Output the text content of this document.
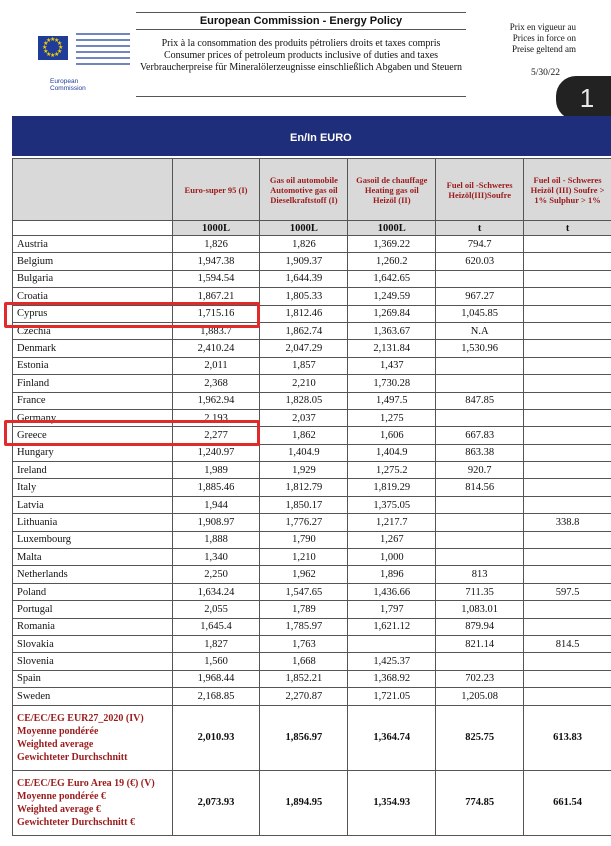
★
★
★
★
★
★
★
★
★
★
★
★
European
Commission
European Commission - Energy Policy
Prix à la consommation des produits pétroliers droits et taxes compris
Consumer prices of petroleum products inclusive of duties and taxes
Verbraucherpreise für Mineralölerzeugnisse einschließlich Abgaben und Steuern
Prix en vigueur au
Prices in force on
Preise geltend am
5/30/22
1
En/In EURO
	Euro-super 95 (I)	Gas oil automobile Automotive gas oil Dieselkraftstoff (I)	Gasoil de chauffage Heating gas oil Heizöl (II)	Fuel oil -Schweres Heizöl(III)Soufre	Fuel oil - Schweres Heizöl (III) Soufre > 1% Sulphur > 1%
	1000L	1000L	1000L	t	t
Austria	1,826	1,826	1,369.22	794.7	
Belgium	1,947.38	1,909.37	1,260.2	620.03	
Bulgaria	1,594.54	1,644.39	1,642.65		
Croatia	1,867.21	1,805.33	1,249.59	967.27	
Cyprus	1,715.16	1,812.46	1,269.84	1,045.85	
Czechia	1,883.7	1,862.74	1,363.67	N.A	
Denmark	2,410.24	2,047.29	2,131.84	1,530.96	
Estonia	2,011	1,857	1,437		
Finland	2,368	2,210	1,730.28		
France	1,962.94	1,828.05	1,497.5	847.85	
Germany	2,193	2,037	1,275		
Greece	2,277	1,862	1,606	667.83	
Hungary	1,240.97	1,404.9	1,404.9	863.38	
Ireland	1,989	1,929	1,275.2	920.7	
Italy	1,885.46	1,812.79	1,819.29	814.56	
Latvia	1,944	1,850.17	1,375.05		
Lithuania	1,908.97	1,776.27	1,217.7		338.8
Luxembourg	1,888	1,790	1,267		
Malta	1,340	1,210	1,000		
Netherlands	2,250	1,962	1,896	813	
Poland	1,634.24	1,547.65	1,436.66	711.35	597.5
Portugal	2,055	1,789	1,797	1,083.01	
Romania	1,645.4	1,785.97	1,621.12	879.94	
Slovakia	1,827	1,763		821.14	814.5
Slovenia	1,560	1,668	1,425.37		
Spain	1,968.44	1,852.21	1,368.92	702.23	
Sweden	2,168.85	2,270.87	1,721.05	1,205.08	

CE/EC/EG EUR27_2020 (IV)
Moyenne pondérée
Weighted average
Gewichteter Durchschnitt	2,010.93	1,856.97	1,364.74	825.75	613.83

CE/EC/EG Euro Area 19 (€) (V)
Moyenne pondérée €
Weighted average €
Gewichteter Durchschnitt €	2,073.93	1,894.95	1,354.93	774.85	661.54
